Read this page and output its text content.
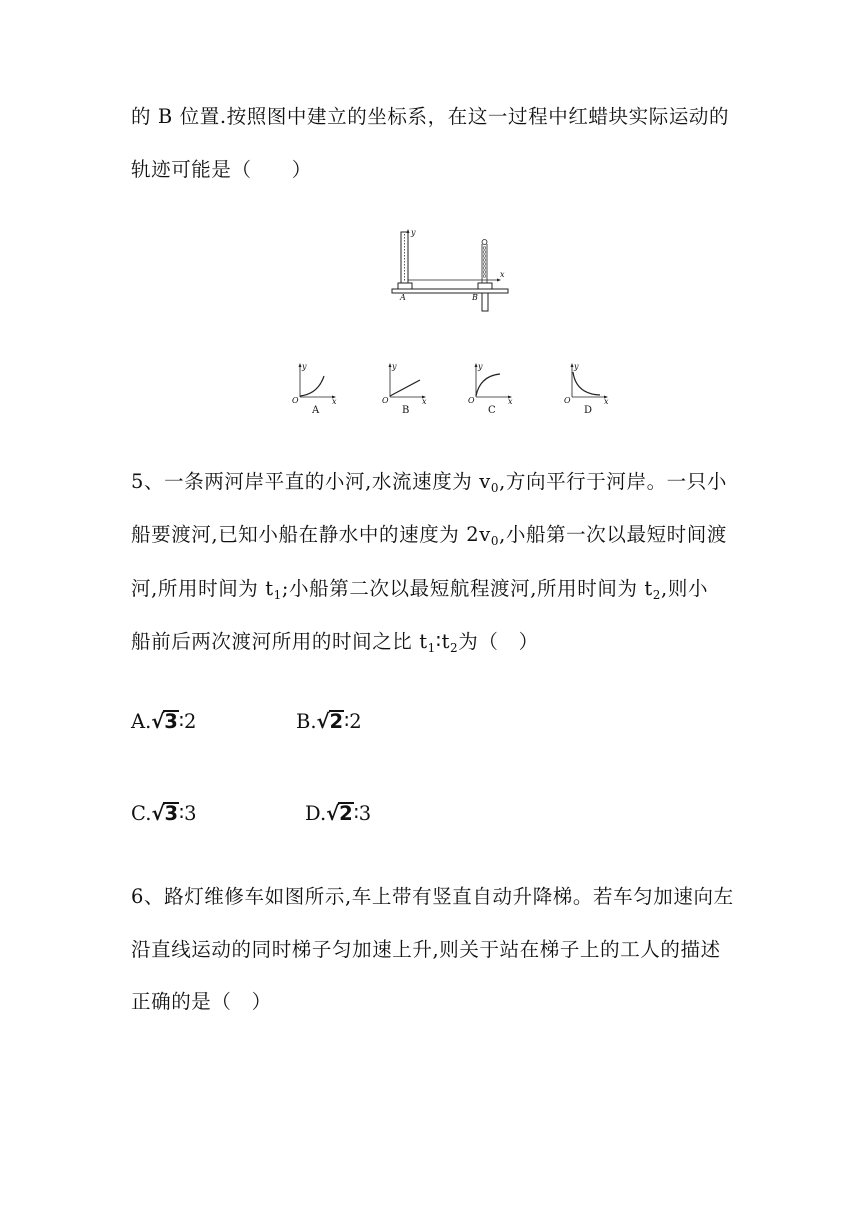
的 B 位置.按照图中建立的坐标系，在这一过程中红蜡块实际运动的
轨迹可能是（　　）
y
x
A	B
y
x
O
A
y
x
O
B
y
x
O
C
y
x
O
D
5、一条两河岸平直的小河,水流速度为 $v_0$,方向平行于河岸。一只小
船要渡河,已知小船在静水中的速度为 $2v_0$,小船第一次以最短时间渡
河,所用时间为 $t_1$;小船第二次以最短航程渡河,所用时间为 $t_2$,则小
船前后两次渡河所用的时间之比 $t_1∶t_2$为（　）
A.√3∶2	B.√2∶2
C.√3∶3	D.√2∶3
6、路灯维修车如图所示,车上带有竖直自动升降梯。若车匀加速向左
沿直线运动的同时梯子匀加速上升,则关于站在梯子上的工人的描述
正确的是（　）
